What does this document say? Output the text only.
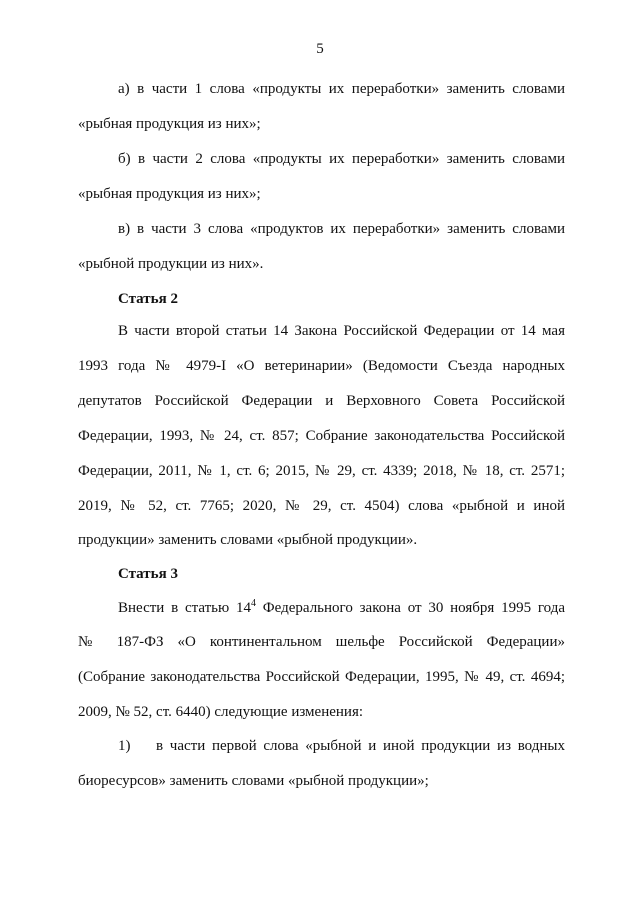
5
а) в части 1 слова «продукты их переработки» заменить словами
«рыбная продукция из них»;
б) в части 2 слова «продукты их переработки» заменить словами
«рыбная продукция из них»;
в) в части 3 слова «продуктов их переработки» заменить словами
«рыбной продукции из них».
Статья 2
В части второй статьи 14 Закона Российской Федерации от 14 мая
1993 года № 4979-I «О ветеринарии» (Ведомости Съезда народных
депутатов Российской Федерации и Верховного Совета Российской
Федерации, 1993, № 24, ст. 857; Собрание законодательства Российской
Федерации, 2011, № 1, ст. 6; 2015, № 29, ст. 4339; 2018, № 18, ст. 2571;
2019, № 52, ст. 7765; 2020, № 29, ст. 4504) слова «рыбной и иной
продукции» заменить словами «рыбной продукции».
Статья 3
Внести в статью $14^4$ Федерального закона от 30 ноября 1995 года
№ 187-ФЗ «О континентальном шельфе Российской Федерации»
(Собрание законодательства Российской Федерации, 1995, № 49, ст. 4694;
2009, № 52, ст. 6440) следующие изменения:
1) в части первой слова «рыбной и иной продукции из водных
биоресурсов» заменить словами «рыбной продукции»;
